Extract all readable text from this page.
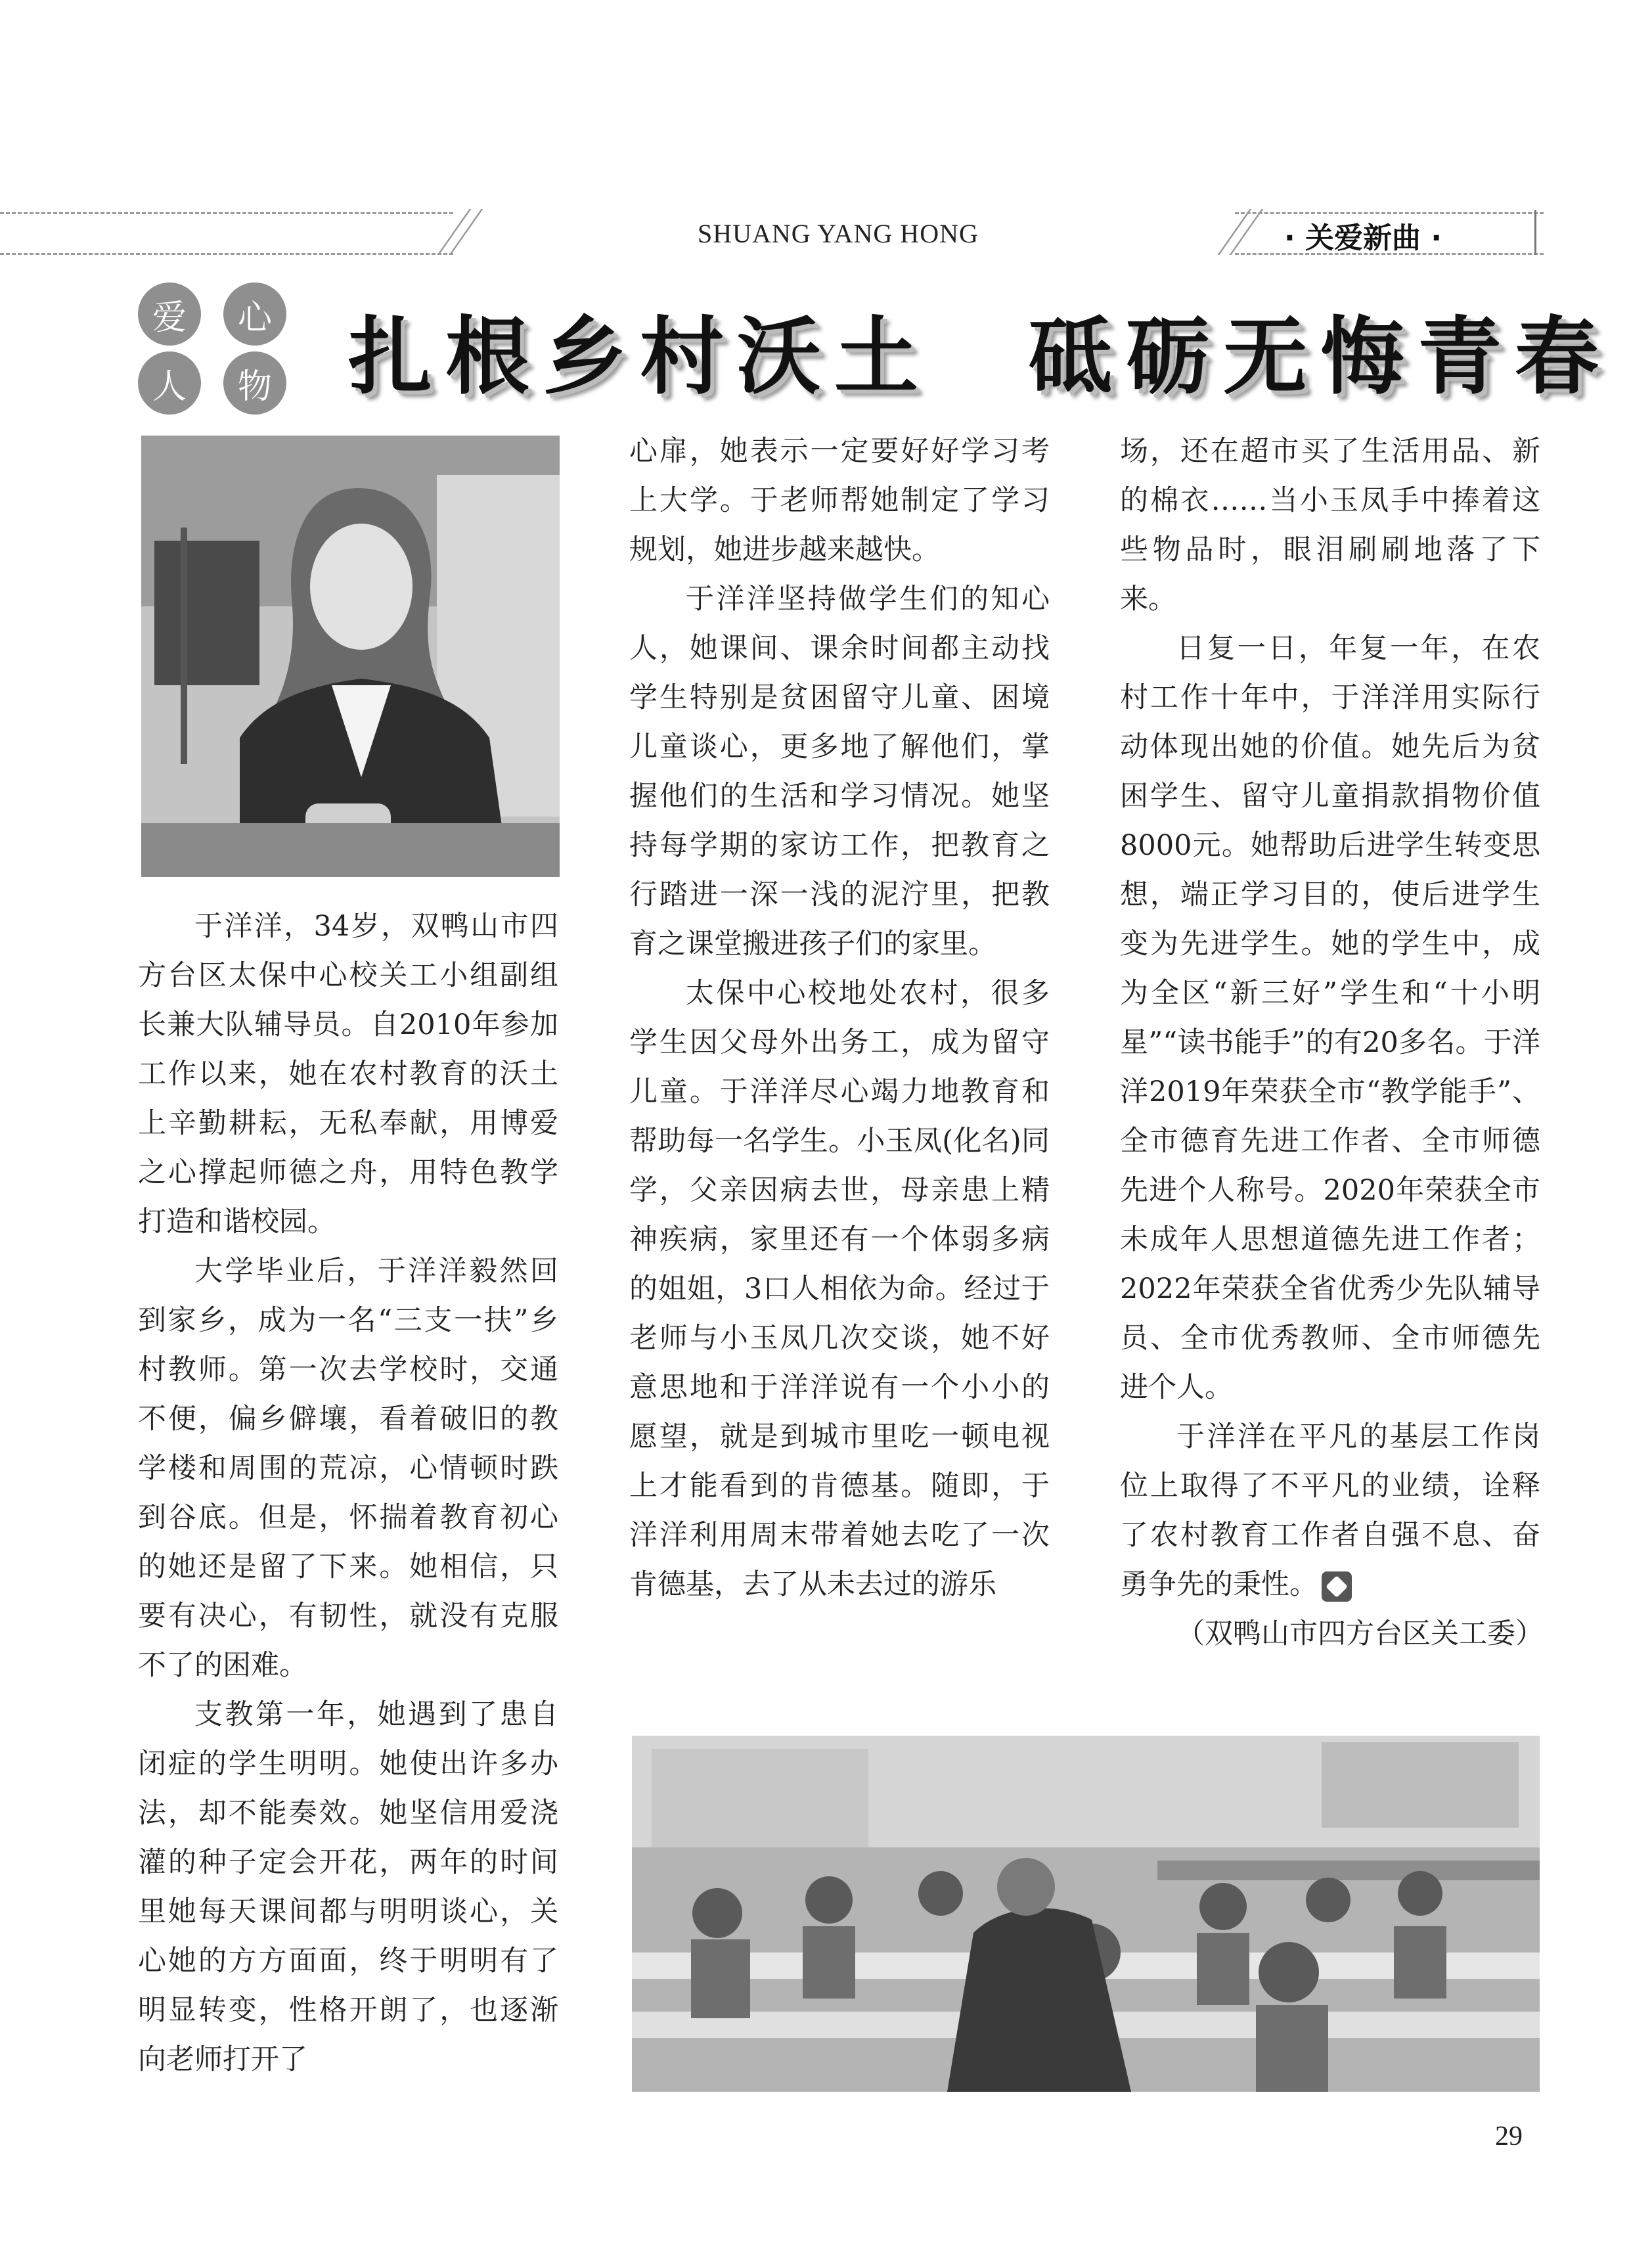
SHUANG YANG HONG	· 关爱新曲 ·
爱	心
人	物 扎根乡村沃土　砥砺无悔青春

于洋洋，34岁，双鸭山市四方台区太保中心校关工小组副组长兼大队辅导员。自2010年参加工作以来，她在农村教育的沃土上辛勤耕耘，无私奉献，用博爱之心撑起师德之舟，用特色教学打造和谐校园。

大学毕业后，于洋洋毅然回到家乡，成为一名“三支一扶”乡村教师。第一次去学校时，交通不便，偏乡僻壤，看着破旧的教学楼和周围的荒凉，心情顿时跌到谷底。但是，怀揣着教育初心的她还是留了下来。她相信，只要有决心，有韧性，就没有克服不了的困难。

支教第一年，她遇到了患自闭症的学生明明。她使出许多办法，却不能奏效。她坚信用爱浇灌的种子定会开花，两年的时间里她每天课间都与明明谈心，关心她的方方面面，终于明明有了明显转变，性格开朗了，也逐渐向老师打开了

心扉，她表示一定要好好学习考上大学。于老师帮她制定了学习规划，她进步越来越快。

于洋洋坚持做学生们的知心人，她课间、课余时间都主动找学生特别是贫困留守儿童、困境儿童谈心，更多地了解他们，掌握他们的生活和学习情况。她坚持每学期的家访工作，把教育之行踏进一深一浅的泥泞里，把教育之课堂搬进孩子们的家里。

太保中心校地处农村，很多学生因父母外出务工，成为留守儿童。于洋洋尽心竭力地教育和帮助每一名学生。小玉凤(化名)同学，父亲因病去世，母亲患上精神疾病，家里还有一个体弱多病的姐姐，3口人相依为命。经过于老师与小玉凤几次交谈，她不好意思地和于洋洋说有一个小小的愿望，就是到城市里吃一顿电视上才能看到的肯德基。随即，于洋洋利用周末带着她去吃了一次肯德基，去了从未去过的游乐

场，还在超市买了生活用品、新的棉衣……当小玉凤手中捧着这些物品时，眼泪刷刷地落了下来。

日复一日，年复一年，在农村工作十年中，于洋洋用实际行动体现出她的价值。她先后为贫困学生、留守儿童捐款捐物价值8000元。她帮助后进学生转变思想，端正学习目的，使后进学生变为先进学生。她的学生中，成为全区“新三好”学生和“十小明星”“读书能手”的有20多名。于洋洋2019年荣获全市“教学能手”、全市德育先进工作者、全市师德先进个人称号。2020年荣获全市未成年人思想道德先进工作者；2022年荣获全省优秀少先队辅导员、全市优秀教师、全市师德先进个人。

于洋洋在平凡的基层工作岗位上取得了不平凡的业绩，诠释了农村教育工作者自强不息、奋勇争先的秉性。

（双鸭山市四方台区关工委）

29
